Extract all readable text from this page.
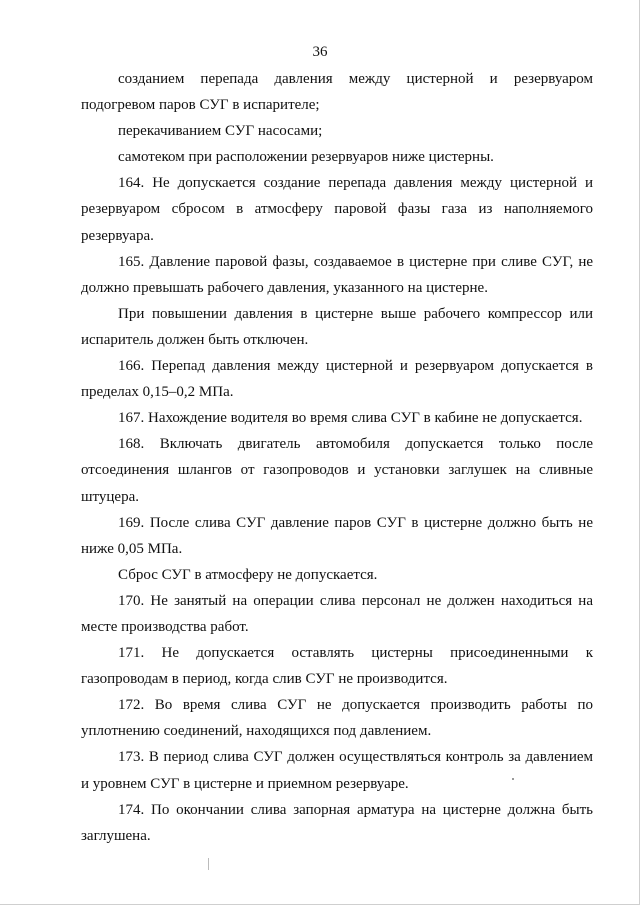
36

созданием перепада давления между цистерной и резервуаром подогревом паров СУГ в испарителе;

перекачиванием СУГ насосами;

самотеком при расположении резервуаров ниже цистерны.

164. Не допускается создание перепада давления между цистерной и резервуаром сбросом в атмосферу паровой фазы газа из наполняемого резервуара.

165. Давление паровой фазы, создаваемое в цистерне при сливе СУГ, не должно превышать рабочего давления, указанного на цистерне.

При повышении давления в цистерне выше рабочего компрессор или испаритель должен быть отключен.

166. Перепад давления между цистерной и резервуаром допускается в пределах 0,15–0,2 МПа.

167. Нахождение водителя во время слива СУГ в кабине не допускается.

168. Включать двигатель автомобиля допускается только после отсоединения шлангов от газопроводов и установки заглушек на сливные штуцера.

169. После слива СУГ давление паров СУГ в цистерне должно быть не ниже 0,05 МПа.

Сброс СУГ в атмосферу не допускается.

170. Не занятый на операции слива персонал не должен находиться на месте производства работ.

171. Не допускается оставлять цистерны присоединенными к газопроводам в период, когда слив СУГ не производится.

172. Во время слива СУГ не допускается производить работы по уплотнению соединений, находящихся под давлением.

173. В период слива СУГ должен осуществляться контроль за давлением и уровнем СУГ в цистерне и приемном резервуаре.

174. По окончании слива запорная арматура на цистерне должна быть заглушена.
